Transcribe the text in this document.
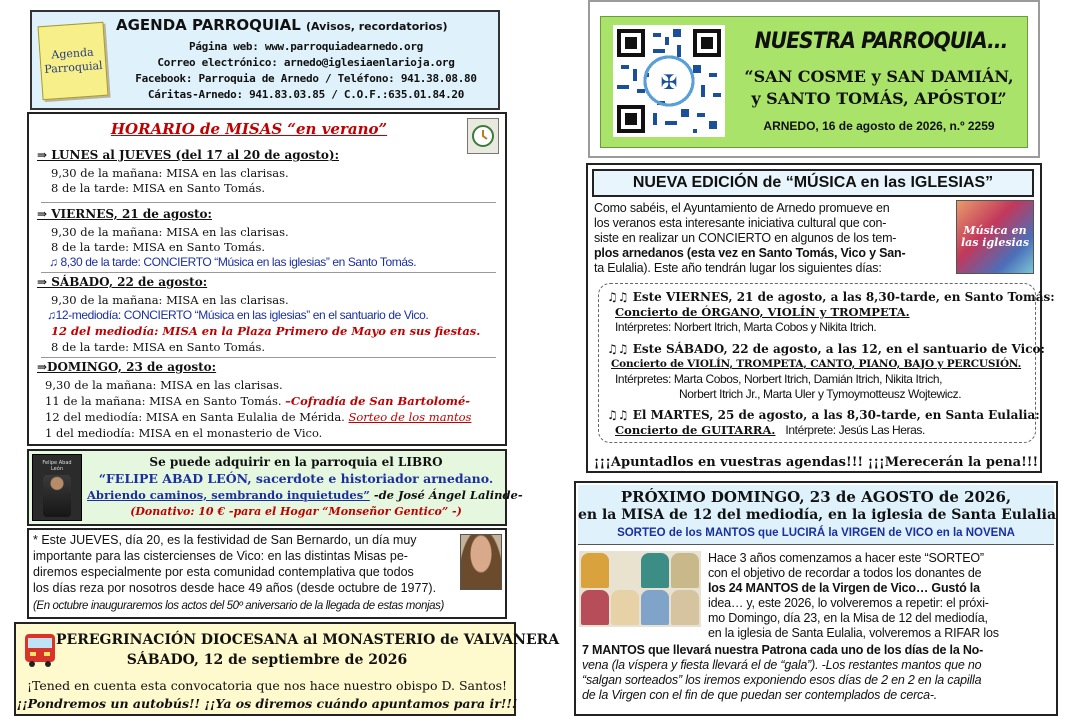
Agenda Parroquial
AGENDA PARROQUIAL (Avisos, recordatorios)
Página web: www.parroquiadearnedo.org
Correo electrónico: arnedo@iglesiaenlarioja.org
Facebook: Parroquia de Arnedo / Teléfono: 941.38.08.80
Cáritas-Arnedo: 941.83.03.85 / C.O.F.:635.01.84.20
HORARIO de MISAS “en verano”
⇒ LUNES al JUEVES (del 17 al 20 de agosto):
9,30 de la mañana: MISA en las clarisas.
8 de la tarde: MISA en Santo Tomás.
⇒ VIERNES, 21 de agosto:
9,30 de la mañana: MISA en las clarisas.
8 de la tarde: MISA en Santo Tomás.
♫ 8,30 de la tarde: CONCIERTO “Música en las iglesias” en Santo Tomás.
⇒ SÁBADO, 22 de agosto:
9,30 de la mañana: MISA en las clarisas.
♫12-mediodía: CONCIERTO “Música en las iglesias” en el santuario de Vico.
12 del mediodía: MISA en la Plaza Primero de Mayo en sus fiestas.
8 de la tarde: MISA en Santo Tomás.
⇒DOMINGO, 23 de agosto:
9,30 de la mañana: MISA en las clarisas.
11 de la mañana: MISA en Santo Tomás. –Cofradía de San Bartolomé-
12 del mediodía: MISA en Santa Eulalia de Mérida. Sorteo de los mantos
1 del mediodía: MISA en el monasterio de Vico.
Felipe Abad León	Se puede adquirir en la parroquia el LIBRO
“FELIPE ABAD LEÓN, sacerdote e historiador arnedano.
Abriendo caminos, sembrando inquietudes” -de José Ángel Lalinde-
(Donativo: 10 € -para el Hogar “Monseñor Gentico” -)
* Este JUEVES, día 20, es la festividad de San Bernardo, un día muy
importante para las cistercienses de Vico: en las distintas Misas pe-
diremos especialmente por esta comunidad contemplativa que todos
los días reza por nosotros desde hace 49 años (desde octubre de 1977).
(En octubre inauguraremos los actos del 50º aniversario de la llegada de estas monjas)
PEREGRINACIÓN DIOCESANA al MONASTERIO de VALVANERA
SÁBADO, 12 de septiembre de 2026
¡Tened en cuenta esta convocatoria que nos hace nuestro obispo D. Santos!
¡¡Pondremos un autobús!! ¡¡Ya os diremos cuándo apuntamos para ir!!!
✠
NUESTRA PARROQUIA...
“SAN COSME y SAN DAMIÁN,
y SANTO TOMÁS, APÓSTOL”
ARNEDO, 16 de agosto de 2026, n.º 2259
NUEVA EDICIÓN de “MÚSICA en las IGLESIAS”
Como sabéis, el Ayuntamiento de Arnedo promueve en
los veranos esta interesante iniciativa cultural que con-
siste en realizar un CONCIERTO en algunos de los tem-
plos arnedanos (esta vez en Santo Tomás, Vico y San-
ta Eulalia). Este año tendrán lugar los siguientes días:
Música en las iglesias
♫♫ Este VIERNES, 21 de agosto, a las 8,30-tarde, en Santo Tomás:
Concierto de ÓRGANO, VIOLÍN y TROMPETA.
Intérpretes: Norbert Itrich, Marta Cobos y Nikita Itrich.
♫♫ Este SÁBADO, 22 de agosto, a las 12, en el santuario de Vico:
Concierto de VIOLÍN, TROMPETA, CANTO, PIANO, BAJO y PERCUSIÓN.
Intérpretes: Marta Cobos, Norbert Itrich, Damián Itrich, Nikita Itrich,
Norbert Itrich Jr., Marta Uler y Tymoymotteusz Wojtewicz.
♫♫ El MARTES, 25 de agosto, a las 8,30-tarde, en Santa Eulalia:
Concierto de GUITARRA. Intérprete: Jesús Las Heras.
¡¡¡Apuntadlos en vuestras agendas!!! ¡¡¡Merecerán la pena!!!
PRÓXIMO DOMINGO, 23 de AGOSTO de 2026,
en la MISA de 12 del mediodía, en la iglesia de Santa Eulalia
SORTEO de los MANTOS que LUCIRÁ la VIRGEN de VICO en la NOVENA
Hace 3 años comenzamos a hacer este “SORTEO”
con el objetivo de recordar a todos los donantes de
los 24 MANTOS de la Virgen de Vico… Gustó la
idea… y, este 2026, lo volveremos a repetir: el próxi-
mo Domingo, día 23, en la Misa de 12 del mediodía,
en la iglesia de Santa Eulalia, volveremos a RIFAR los
7 MANTOS que llevará nuestra Patrona cada uno de los días de la No-
vena (la víspera y fiesta llevará el de “gala”). -Los restantes mantos que no
“salgan sorteados” los iremos exponiendo esos días de 2 en 2 en la capilla
de la Virgen con el fin de que puedan ser contemplados de cerca-.
